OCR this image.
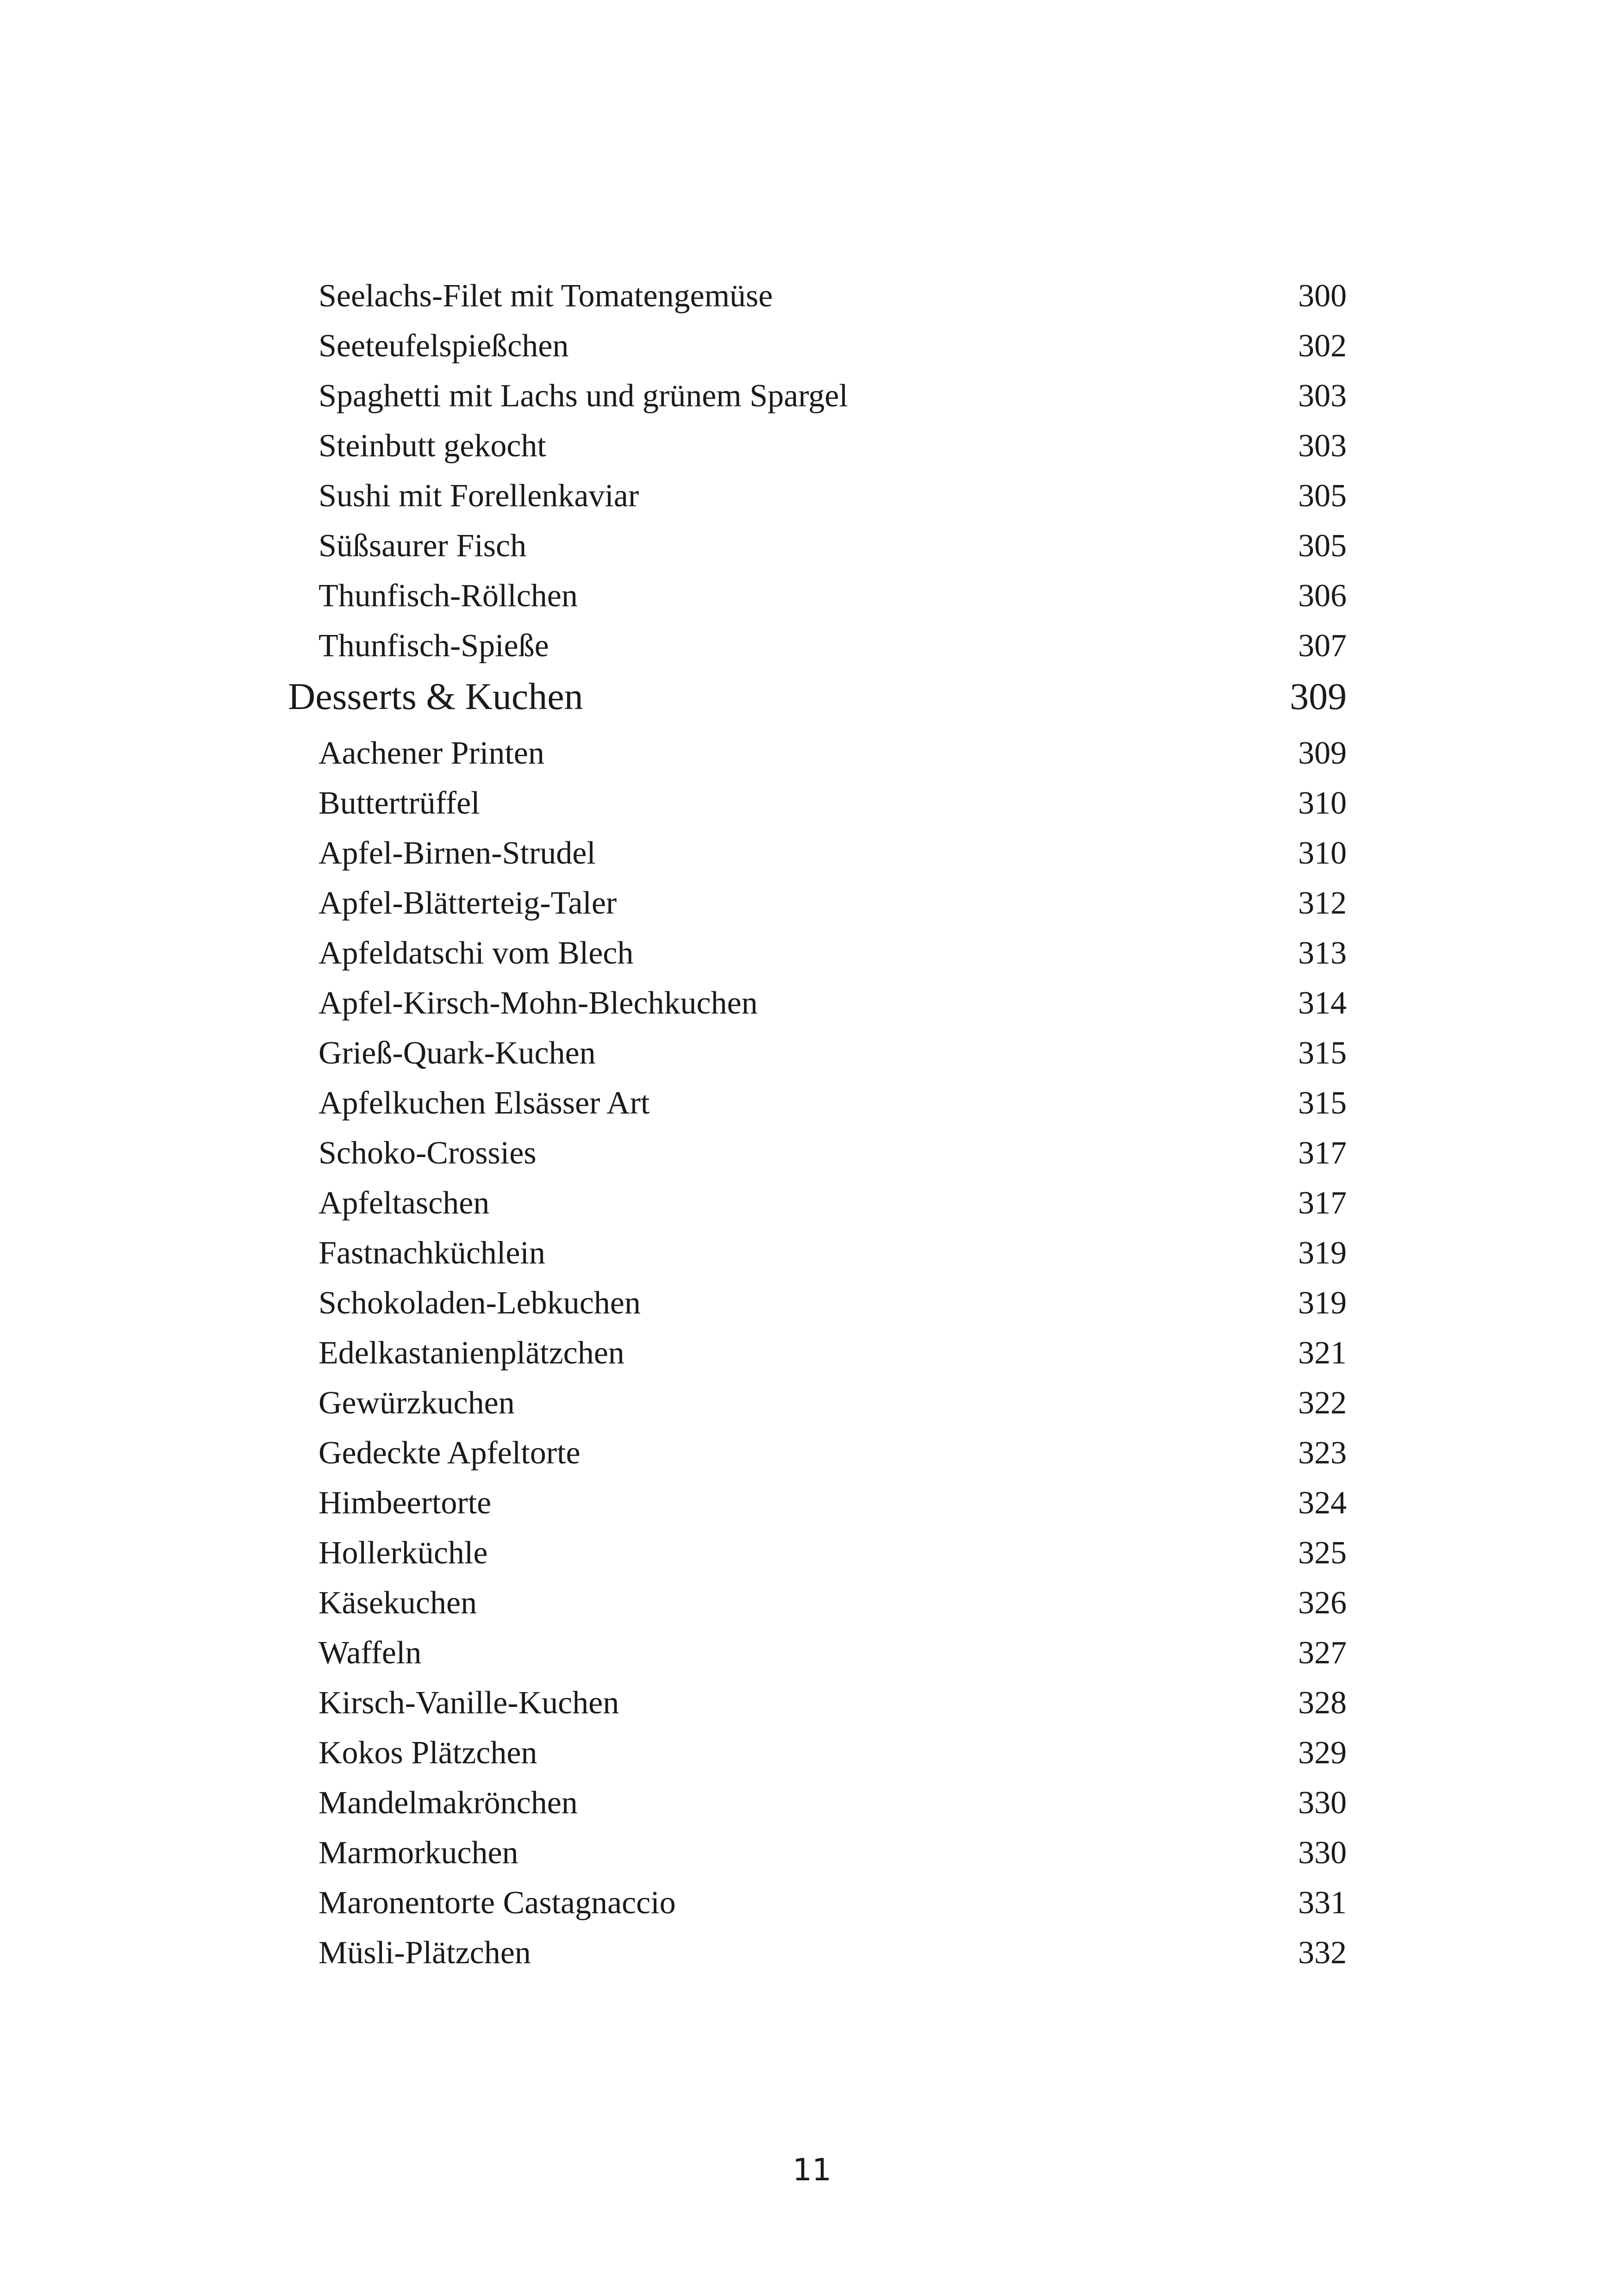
Seelachs-Filet mit Tomatengemüse	300
Seeteufelspießchen	302
Spaghetti mit Lachs und grünem Spargel	303
Steinbutt gekocht	303
Sushi mit Forellenkaviar	305
Süßsaurer Fisch	305
Thunfisch-Röllchen	306
Thunfisch-Spieße	307
Desserts & Kuchen	309
Aachener Printen	309
Buttertrüffel	310
Apfel-Birnen-Strudel	310
Apfel-Blätterteig-Taler	312
Apfeldatschi vom Blech	313
Apfel-Kirsch-Mohn-Blechkuchen	314
Grieß-Quark-Kuchen	315
Apfelkuchen Elsässer Art	315
Schoko-Crossies	317
Apfeltaschen	317
Fastnachküchlein	319
Schokoladen-Lebkuchen	319
Edelkastanienplätzchen	321
Gewürzkuchen	322
Gedeckte Apfeltorte	323
Himbeertorte	324
Hollerküchle	325
Käsekuchen	326
Waffeln	327
Kirsch-Vanille-Kuchen	328
Kokos Plätzchen	329
Mandelmakrönchen	330
Marmorkuchen	330
Maronentorte Castagnaccio	331
Müsli-Plätzchen	332
11
